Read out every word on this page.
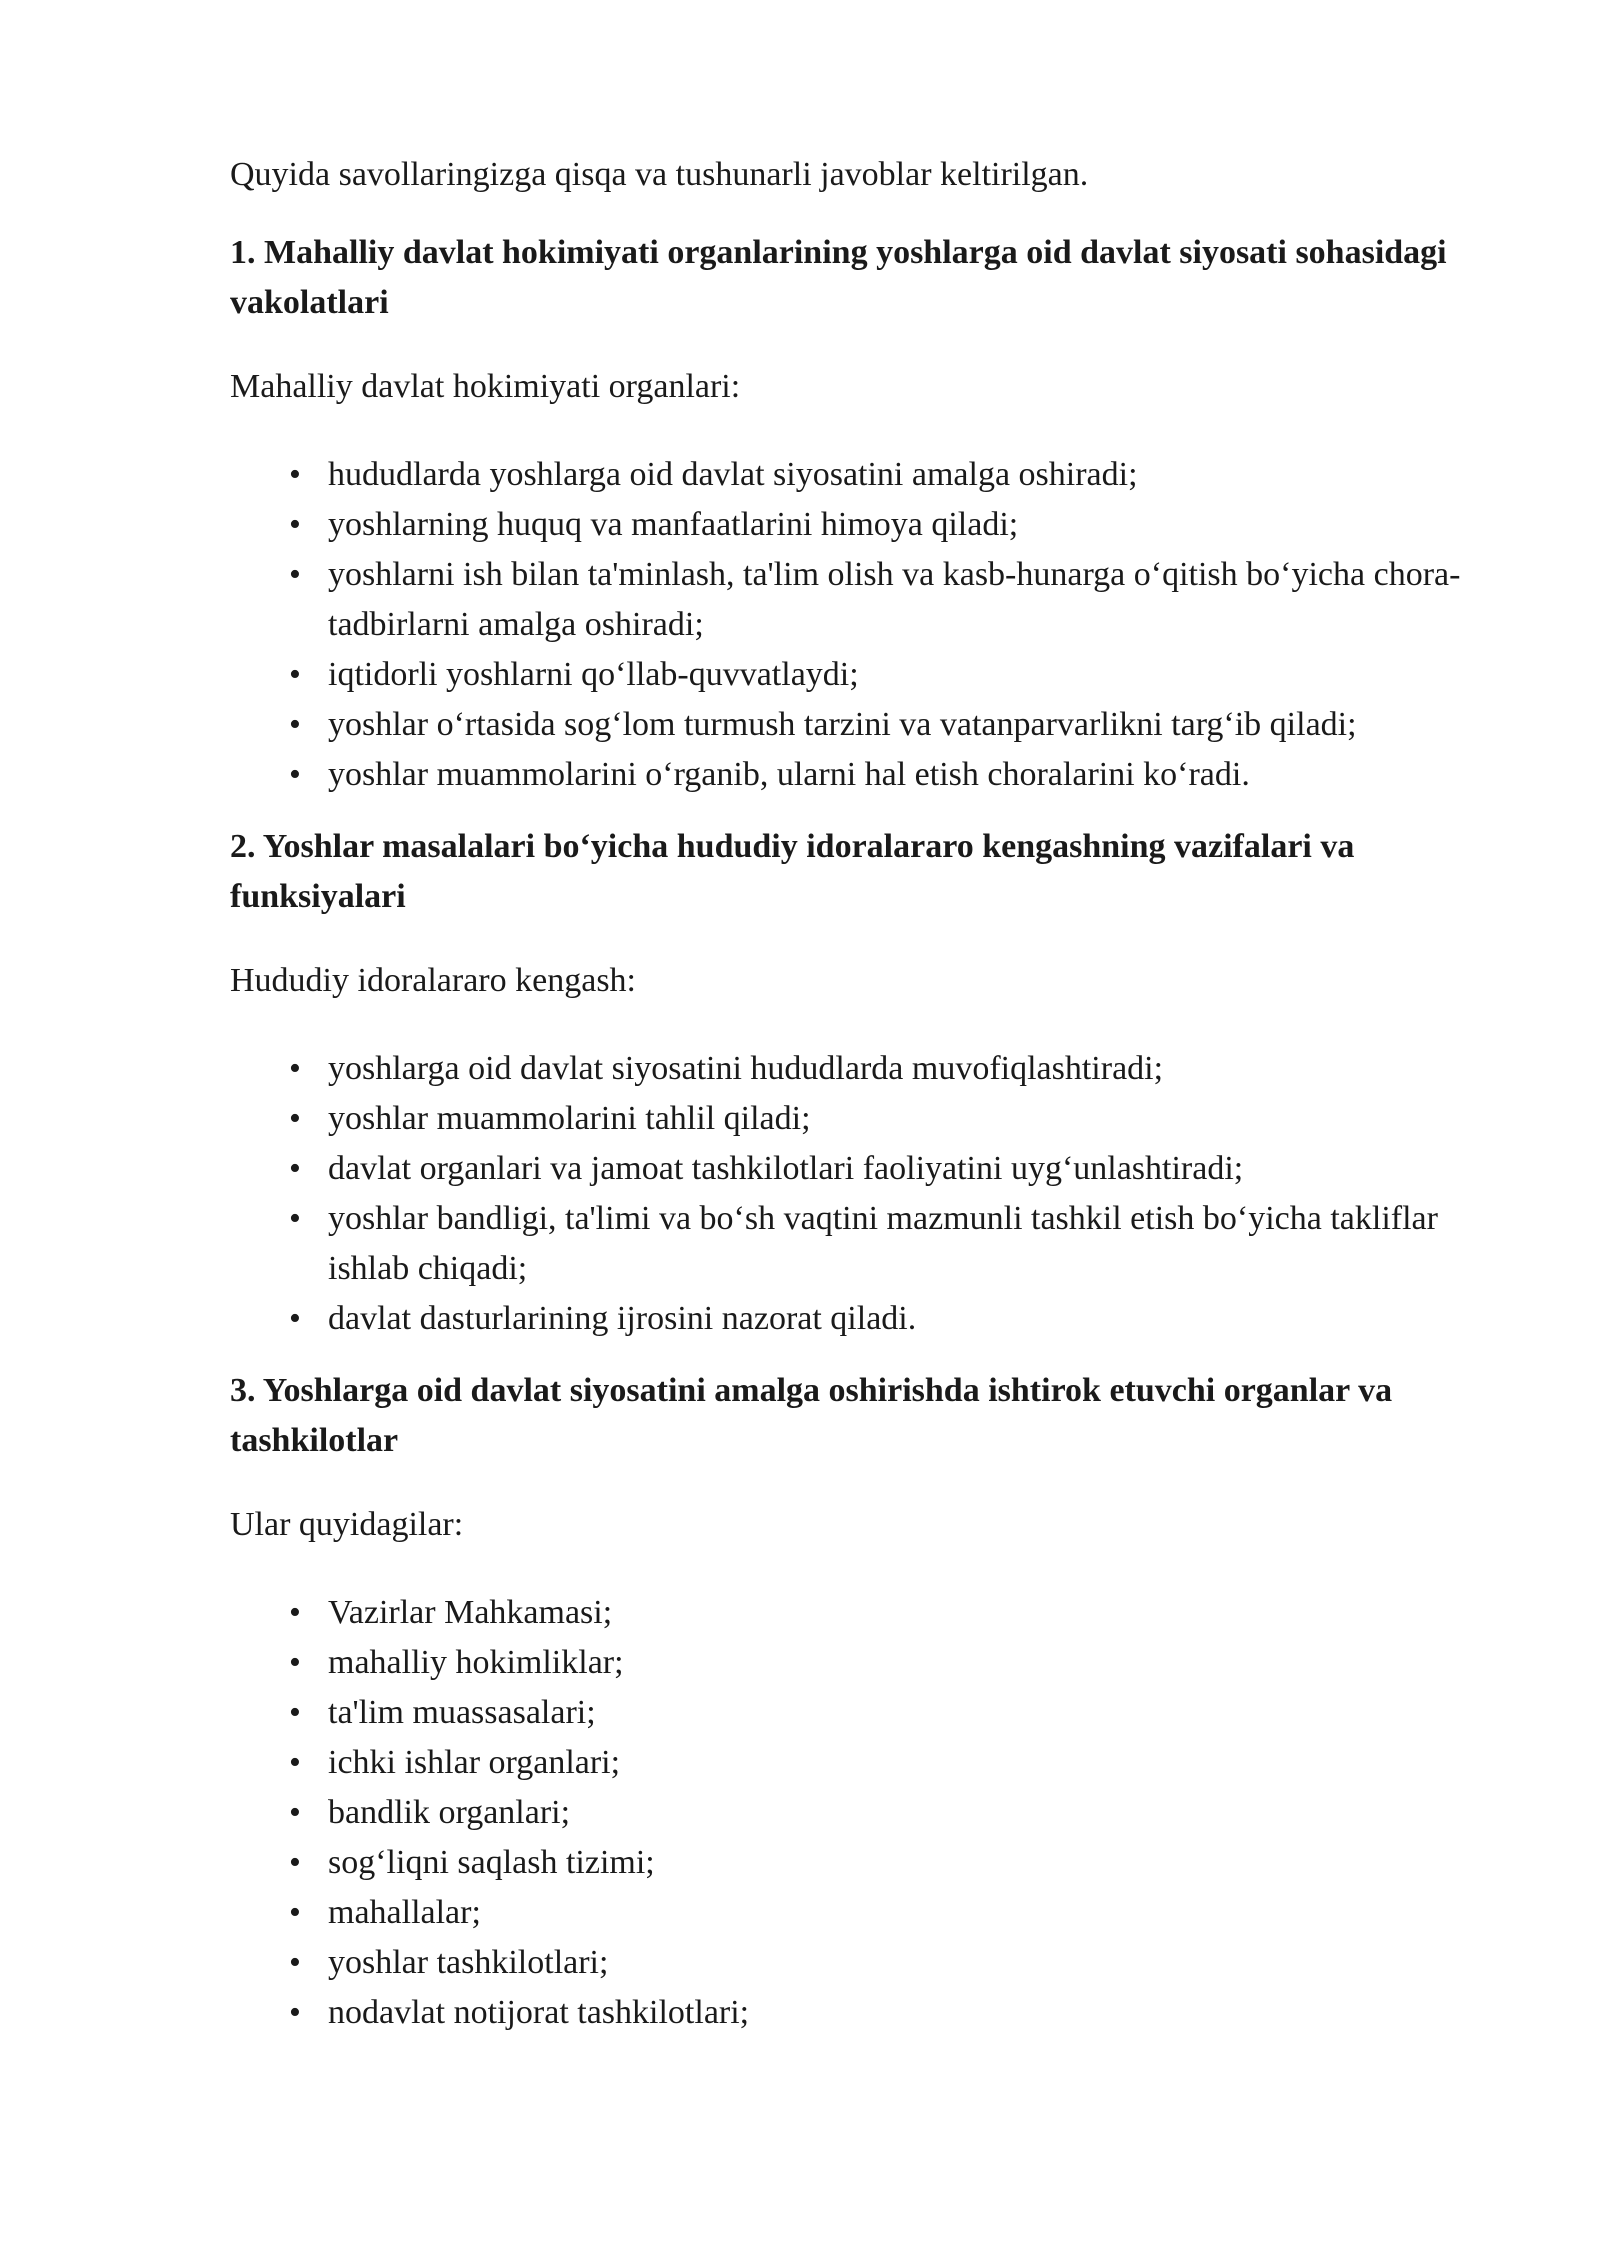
Quyida savollaringizga qisqa va tushunarli javoblar keltirilgan.

1. Mahalliy davlat hokimiyati organlarining yoshlarga oid davlat siyosati sohasidagi vakolatlari

Mahalliy davlat hokimiyati organlari:

• hududlarda yoshlarga oid davlat siyosatini amalga oshiradi;
• yoshlarning huquq va manfaatlarini himoya qiladi;
• yoshlarni ish bilan ta'minlash, ta'lim olish va kasb-hunarga o‘qitish bo‘yicha chora-tadbirlarni amalga oshiradi;
• iqtidorli yoshlarni qo‘llab-quvvatlaydi;
• yoshlar o‘rtasida sog‘lom turmush tarzini va vatanparvarlikni targ‘ib qiladi;
• yoshlar muammolarini o‘rganib, ularni hal etish choralarini ko‘radi.

2. Yoshlar masalalari bo‘yicha hududiy idoralararo kengashning vazifalari va funksiyalari

Hududiy idoralararo kengash:

• yoshlarga oid davlat siyosatini hududlarda muvofiqlashtiradi;
• yoshlar muammolarini tahlil qiladi;
• davlat organlari va jamoat tashkilotlari faoliyatini uyg‘unlashtiradi;
• yoshlar bandligi, ta'limi va bo‘sh vaqtini mazmunli tashkil etish bo‘yicha takliflar ishlab chiqadi;
• davlat dasturlarining ijrosini nazorat qiladi.

3. Yoshlarga oid davlat siyosatini amalga oshirishda ishtirok etuvchi organlar va tashkilotlar

Ular quyidagilar:

• Vazirlar Mahkamasi;
• mahalliy hokimliklar;
• ta'lim muassasalari;
• ichki ishlar organlari;
• bandlik organlari;
• sog‘liqni saqlash tizimi;
• mahallalar;
• yoshlar tashkilotlari;
• nodavlat notijorat tashkilotlari;
